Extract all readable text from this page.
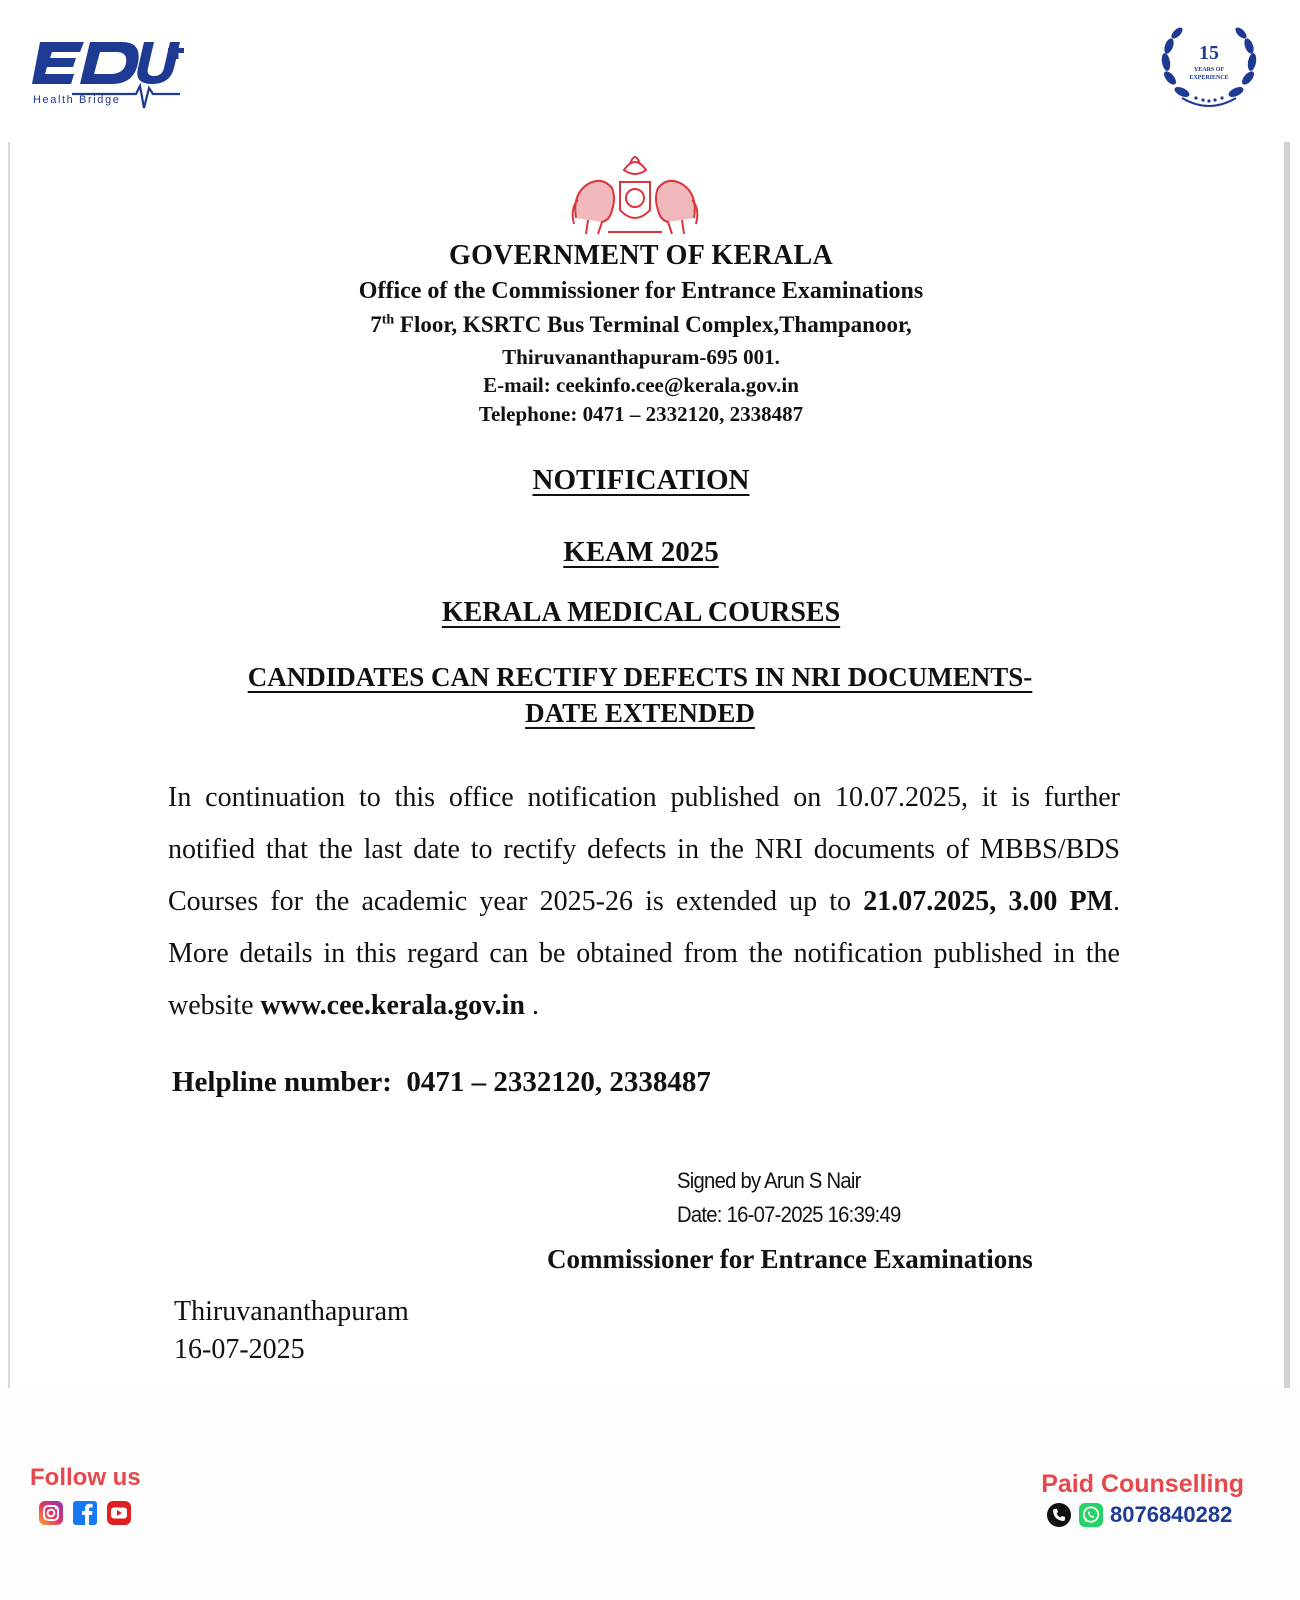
Health Bridge
15
YEARS OF EXPERIENCE
GOVERNMENT OF KERALA
Office of the Commissioner for Entrance Examinations
7th Floor, KSRTC Bus Terminal Complex,Thampanoor,
Thiruvananthapuram-695 001.
E-mail: ceekinfo.cee@kerala.gov.in
Telephone: 0471 – 2332120, 2338487
NOTIFICATION
KEAM 2025
KERALA MEDICAL COURSES
CANDIDATES CAN RECTIFY DEFECTS IN NRI DOCUMENTS-
DATE EXTENDED
In continuation to this office notification published on 10.07.2025, it is further notified that the last date to rectify defects in the NRI documents of MBBS/BDS Courses for the academic year 2025-26 is extended up to 21.07.2025, 3.00 PM. More details in this regard can be obtained from the notification published in the website www.cee.kerala.gov.in .
Helpline number:  0471 – 2332120, 2338487
Signed by Arun S Nair
Date: 16-07-2025 16:39:49
Commissioner for Entrance Examinations
Thiruvananthapuram
16-07-2025
Follow us	Paid Counselling
8076840282
